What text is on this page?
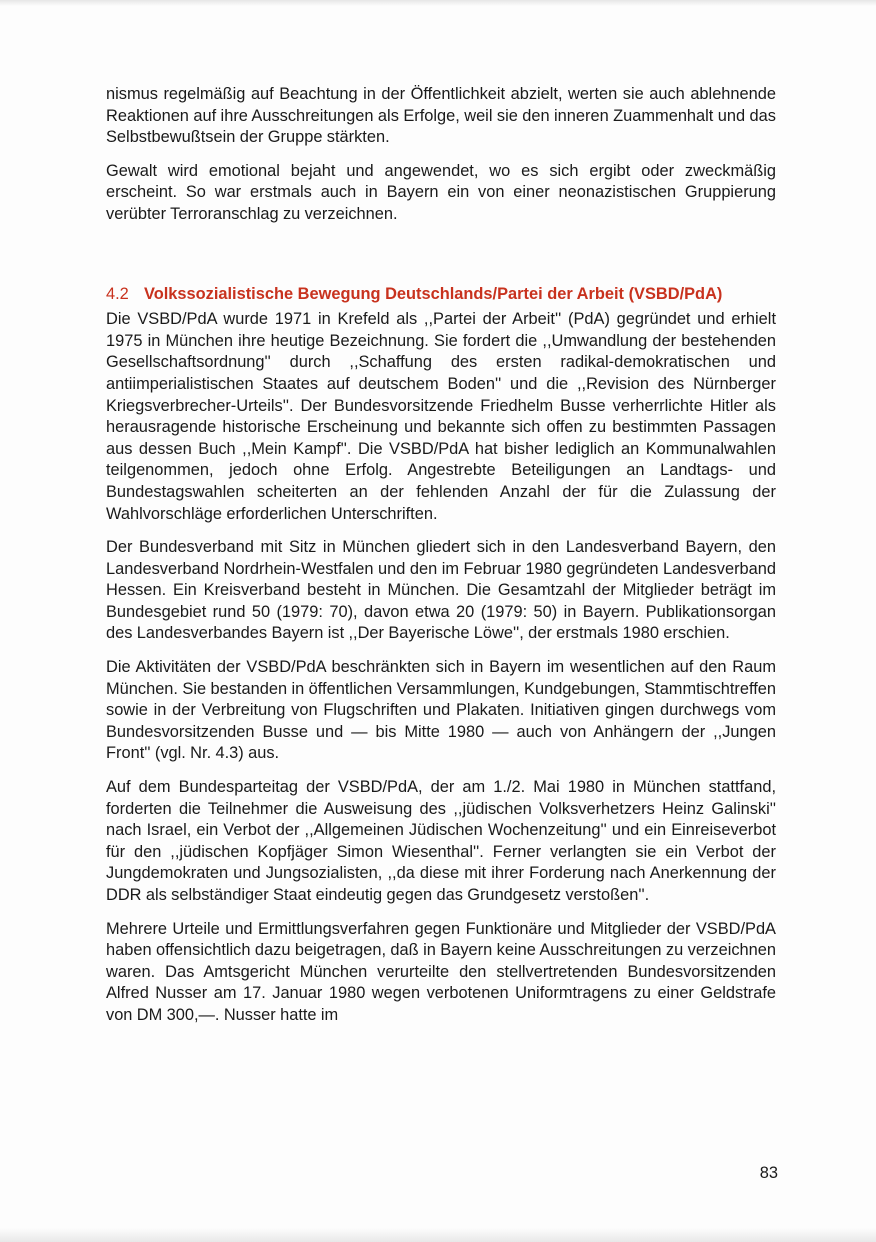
nismus regelmäßig auf Beachtung in der Öffentlichkeit abzielt, werten sie auch ablehnende Reaktionen auf ihre Ausschreitungen als Erfolge, weil sie den inneren Zuammenhalt und das Selbstbewußtsein der Gruppe stärkten.

Gewalt wird emotional bejaht und angewendet, wo es sich ergibt oder zweckmäßig erscheint. So war erstmals auch in Bayern ein von einer neonazistischen Gruppierung verübter Terroranschlag zu verzeichnen.

4.2 Volkssozialistische Bewegung Deutschlands/Partei der Arbeit (VSBD/PdA)

Die VSBD/PdA wurde 1971 in Krefeld als ,,Partei der Arbeit'' (PdA) gegründet und erhielt 1975 in München ihre heutige Bezeichnung. Sie fordert die ,,Umwandlung der bestehenden Gesellschaftsordnung'' durch ,,Schaffung des ersten radikal-demokratischen und antiimperialistischen Staates auf deutschem Boden'' und die ,,Revision des Nürnberger Kriegsverbrecher-Urteils''. Der Bundesvorsitzende Friedhelm Busse verherrlichte Hitler als herausragende historische Erscheinung und bekannte sich offen zu bestimmten Passagen aus dessen Buch ,,Mein Kampf''. Die VSBD/PdA hat bisher lediglich an Kommunalwahlen teilgenommen, jedoch ohne Erfolg. Angestrebte Beteiligungen an Landtags- und Bundestagswahlen scheiterten an der fehlenden Anzahl der für die Zulassung der Wahlvorschläge erforderlichen Unterschriften.

Der Bundesverband mit Sitz in München gliedert sich in den Landesverband Bayern, den Landesverband Nordrhein-Westfalen und den im Februar 1980 gegründeten Landesverband Hessen. Ein Kreisverband besteht in München. Die Gesamtzahl der Mitglieder beträgt im Bundesgebiet rund 50 (1979: 70), davon etwa 20 (1979: 50) in Bayern. Publikationsorgan des Landesverbandes Bayern ist ,,Der Bayerische Löwe'', der erstmals 1980 erschien.

Die Aktivitäten der VSBD/PdA beschränkten sich in Bayern im wesentlichen auf den Raum München. Sie bestanden in öffentlichen Versammlungen, Kundgebungen, Stammtischtreffen sowie in der Verbreitung von Flugschriften und Plakaten. Initiativen gingen durchwegs vom Bundesvorsitzenden Busse und — bis Mitte 1980 — auch von Anhängern der ,,Jungen Front'' (vgl. Nr. 4.3) aus.

Auf dem Bundesparteitag der VSBD/PdA, der am 1./2. Mai 1980 in München stattfand, forderten die Teilnehmer die Ausweisung des ,,jüdischen Volksverhetzers Heinz Galinski'' nach Israel, ein Verbot der ,,Allgemeinen Jüdischen Wochenzeitung'' und ein Einreiseverbot für den ,,jüdischen Kopfjäger Simon Wiesenthal''. Ferner verlangten sie ein Verbot der Jungdemokraten und Jungsozialisten, ,,da diese mit ihrer Forderung nach Anerkennung der DDR als selbständiger Staat eindeutig gegen das Grundgesetz verstoßen''.

Mehrere Urteile und Ermittlungsverfahren gegen Funktionäre und Mitglieder der VSBD/PdA haben offensichtlich dazu beigetragen, daß in Bayern keine Ausschreitungen zu verzeichnen waren. Das Amtsgericht München verurteilte den stellvertretenden Bundesvorsitzenden Alfred Nusser am 17. Januar 1980 wegen verbotenen Uniformtragens zu einer Geldstrafe von DM 300,—. Nusser hatte im

83
